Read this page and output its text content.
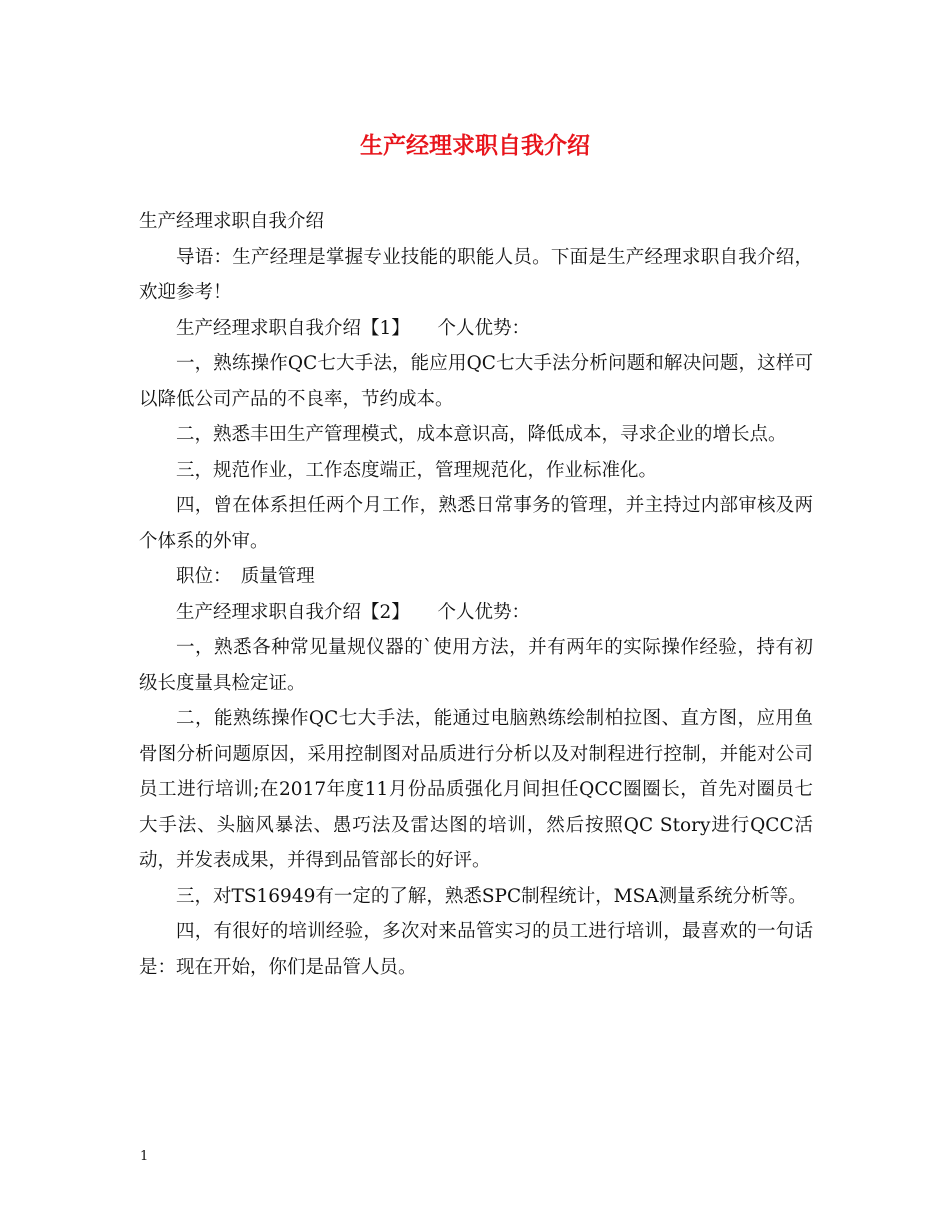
生产经理求职自我介绍

生产经理求职自我介绍

导语：生产经理是掌握专业技能的职能人员。下面是生产经理求职自我介绍，欢迎参考！

生产经理求职自我介绍【1】　　个人优势：

一，熟练操作QC七大手法，能应用QC七大手法分析问题和解决问题，这样可以降低公司产品的不良率，节约成本。

二，熟悉丰田生产管理模式，成本意识高，降低成本，寻求企业的增长点。

三，规范作业，工作态度端正，管理规范化，作业标准化。

四，曾在体系担任两个月工作，熟悉日常事务的管理，并主持过内部审核及两个体系的外审。

职位：　质量管理

生产经理求职自我介绍【2】　　个人优势：

一，熟悉各种常见量规仪器的`使用方法，并有两年的实际操作经验，持有初级长度量具检定证。

二，能熟练操作QC七大手法，能通过电脑熟练绘制柏拉图、直方图，应用鱼骨图分析问题原因，采用控制图对品质进行分析以及对制程进行控制，并能对公司员工进行培训;在2017年度11月份品质强化月间担任QCC圈圈长，首先对圈员七大手法、头脑风暴法、愚巧法及雷达图的培训，然后按照QC Story进行QCC活动，并发表成果，并得到品管部长的好评。

三，对TS16949有一定的了解，熟悉SPC制程统计，MSA测量系统分析等。

四，有很好的培训经验，多次对来品管实习的员工进行培训，最喜欢的一句话是：现在开始，你们是品管人员。

1
